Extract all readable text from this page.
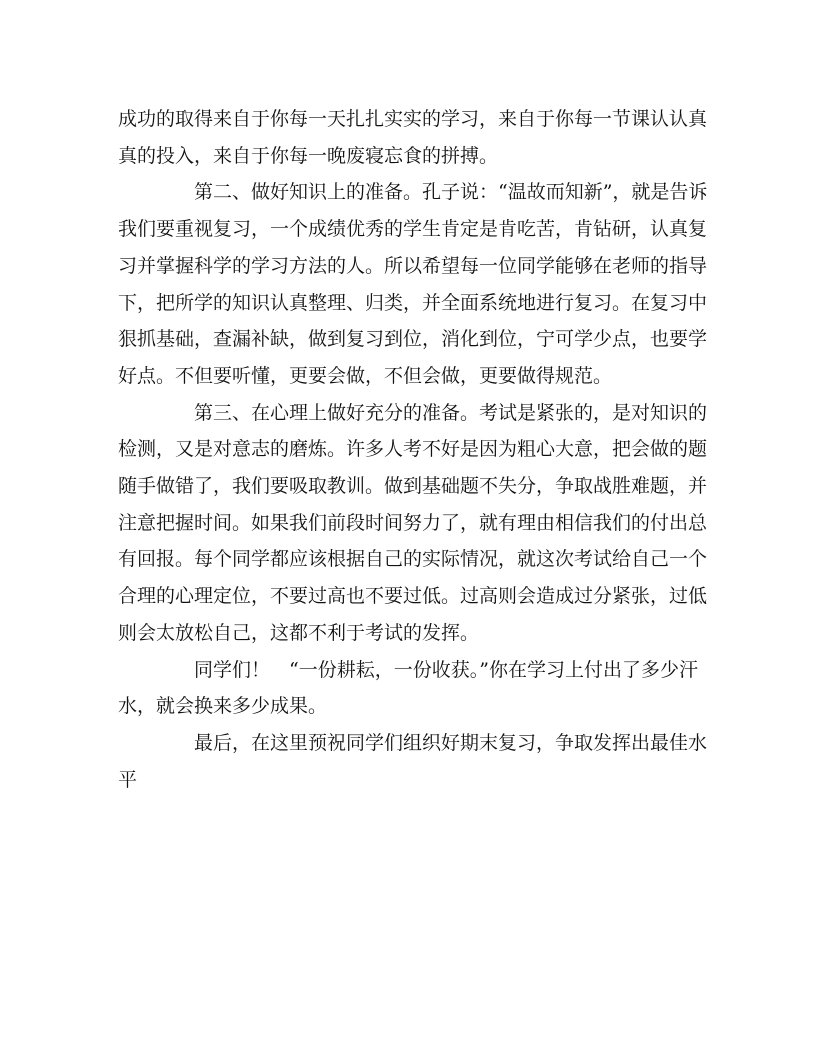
成功的取得来自于你每一天扎扎实实的学习，来自于你每一节课认认真
真的投入，来自于你每一晚废寝忘食的拼搏。

第二、做好知识上的准备。孔子说：“温故而知新”，就是告诉
我们要重视复习，一个成绩优秀的学生肯定是肯吃苦，肯钻研，认真复
习并掌握科学的学习方法的人。所以希望每一位同学能够在老师的指导
下，把所学的知识认真整理、归类，并全面系统地进行复习。在复习中
狠抓基础，查漏补缺，做到复习到位，消化到位，宁可学少点，也要学
好点。不但要听懂，更要会做，不但会做，更要做得规范。

第三、在心理上做好充分的准备。考试是紧张的，是对知识的
检测，又是对意志的磨炼。许多人考不好是因为粗心大意，把会做的题
随手做错了，我们要吸取教训。做到基础题不失分，争取战胜难题，并
注意把握时间。如果我们前段时间努力了，就有理由相信我们的付出总
有回报。每个同学都应该根据自己的实际情况，就这次考试给自己一个
合理的心理定位，不要过高也不要过低。过高则会造成过分紧张，过低
则会太放松自己，这都不利于考试的发挥。

同学们！　“一份耕耘，一份收获。”你在学习上付出了多少汗
水，就会换来多少成果。

最后，在这里预祝同学们组织好期末复习，争取发挥出最佳水
平
